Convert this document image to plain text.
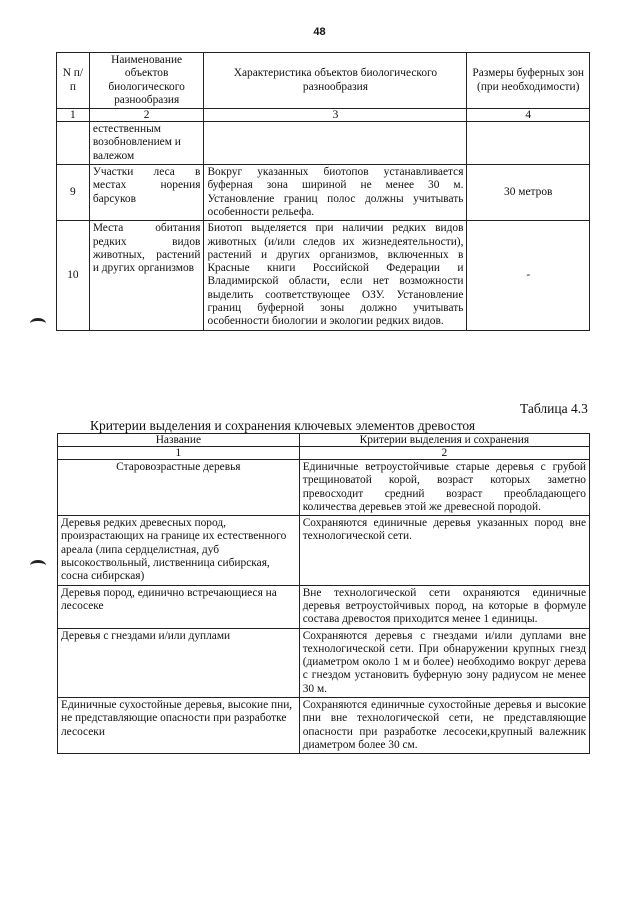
48
N п/п	Наименование объектов биологического разнообразия	Характеристика объектов биологического разнообразия	Размеры буферных зон (при необходимости)
1	2	3	4
	естественным возобновлением и валежом		
9	Участки леса в местах норения барсуков	Вокруг указанных биотопов устанавливается буферная зона шириной не менее 30 м. Установление границ полос должны учитывать особенности рельефа.	30 метров
10	Места обитания редких видов животных, растений и других организмов	Биотоп выделяется при наличии редких видов животных (и/или следов их жизнедеятельности), растений и других организмов, включенных в Красные книги Российской Федерации и Владимирской области, если нет возможности выделить соответствующее ОЗУ. Установление границ буферной зоны должно учитывать особенности биологии и экологии редких видов.	-
Таблица 4.3
Критерии выделения и сохранения ключевых элементов древостоя
Название	Критерии выделения и сохранения
1	2
Старовозрастные деревья	Единичные ветроустойчивые старые деревья с грубой трещиноватой корой, возраст которых заметно превосходит средний возраст преобладающего количества деревьев этой же древесной породой.
Деревья редких древесных пород, произрастающих на границе их естественного ареала (липа сердцелистная, дуб высокоствольный, лиственница сибирская, сосна сибирская)	Сохраняются единичные деревья указанных пород вне технологической сети.
Деревья пород, единично встречающиеся на лесосеке	Вне технологической сети охраняются единичные деревья ветроустойчивых пород, на которые в формуле состава древостоя приходится менее 1 единицы.
Деревья с гнездами и/или дуплами	Сохраняются деревья с гнездами и/или дуплами вне технологической сети. При обнаружении крупных гнезд (диаметром около 1 м и более) необходимо вокруг дерева с гнездом установить буферную зону радиусом не менее 30 м.
Единичные сухостойные деревья, высокие пни, не представляющие опасности при разработке лесосеки	Сохраняются единичные сухостойные деревья и высокие пни вне технологической сети, не представляющие опасности при разработке лесосеки,крупный валежник диаметром более 30 см.
